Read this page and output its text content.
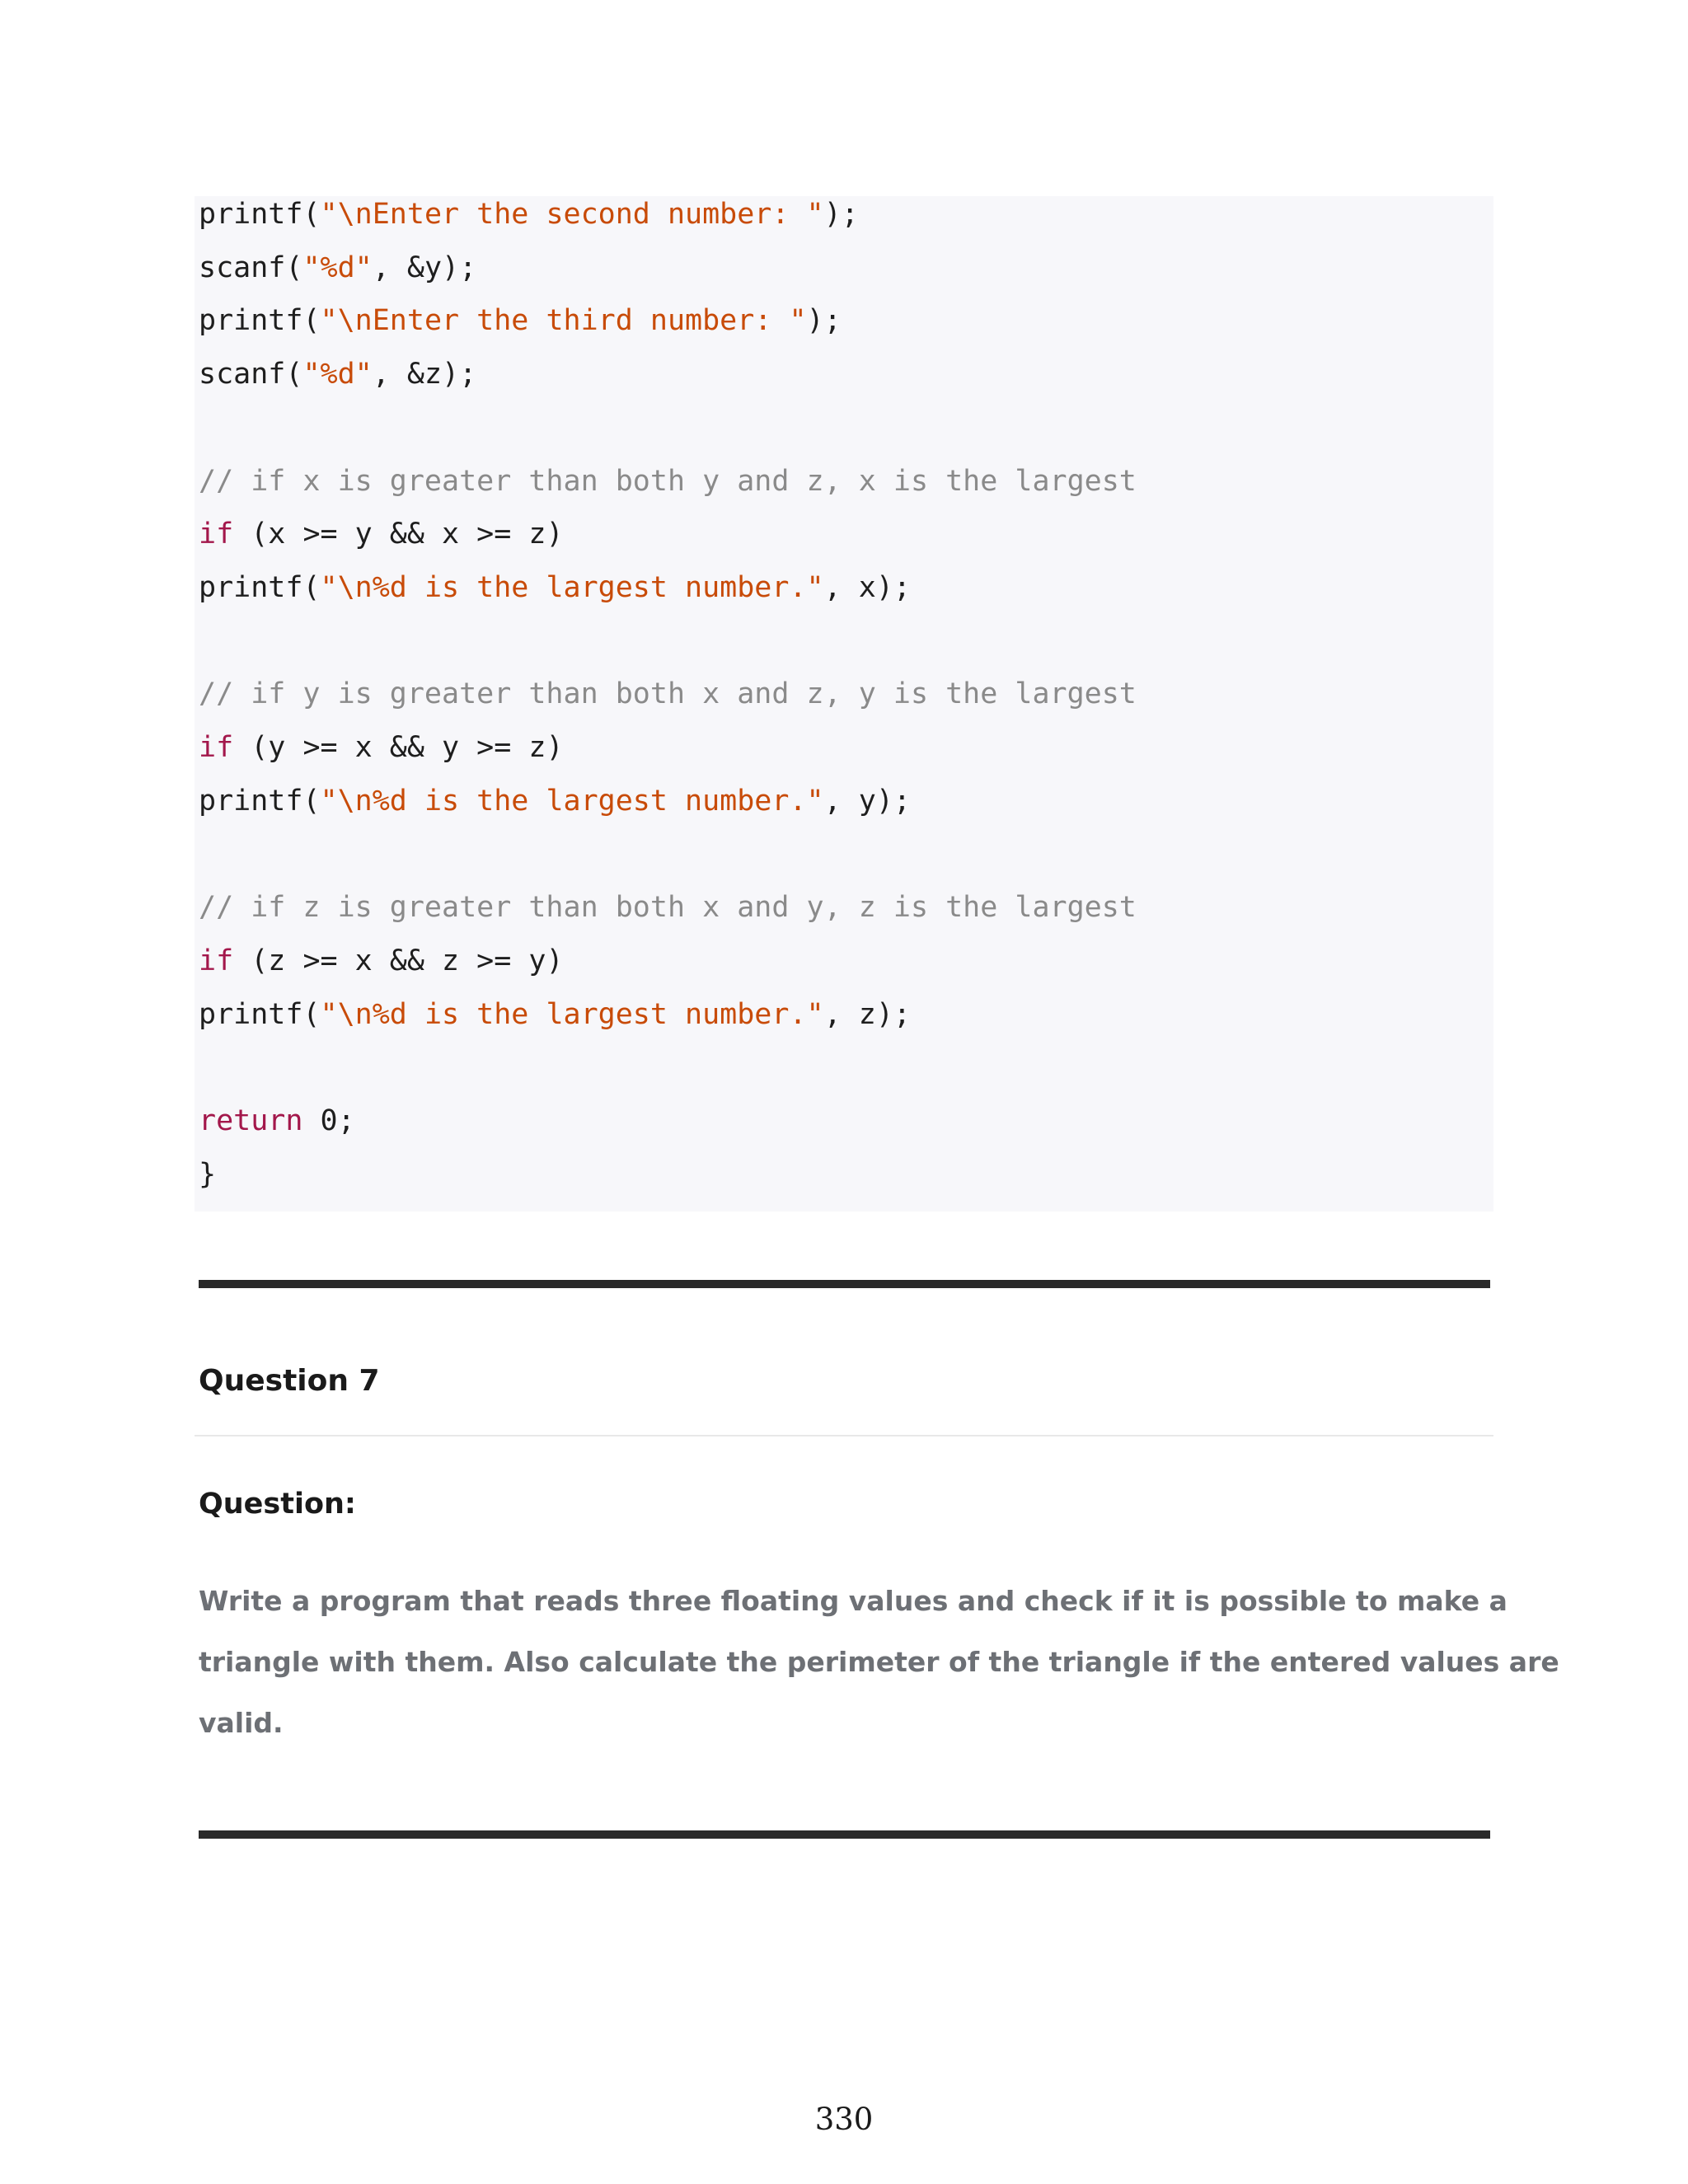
printf("\nEnter the second number: ");
scanf("%d", &y);
printf("\nEnter the third number: ");
scanf("%d", &z);
// if x is greater than both y and z, x is the largest
if (x >= y && x >= z)
printf("\n%d is the largest number.", x);
// if y is greater than both x and z, y is the largest
if (y >= x && y >= z)
printf("\n%d is the largest number.", y);
// if z is greater than both x and y, z is the largest
if (z >= x && z >= y)
printf("\n%d is the largest number.", z);
return 0;
}
Question 7
Question:
Write a program that reads three floating values and check if it is possible to make a
triangle with them. Also calculate the perimeter of the triangle if the entered values are
valid.
330
